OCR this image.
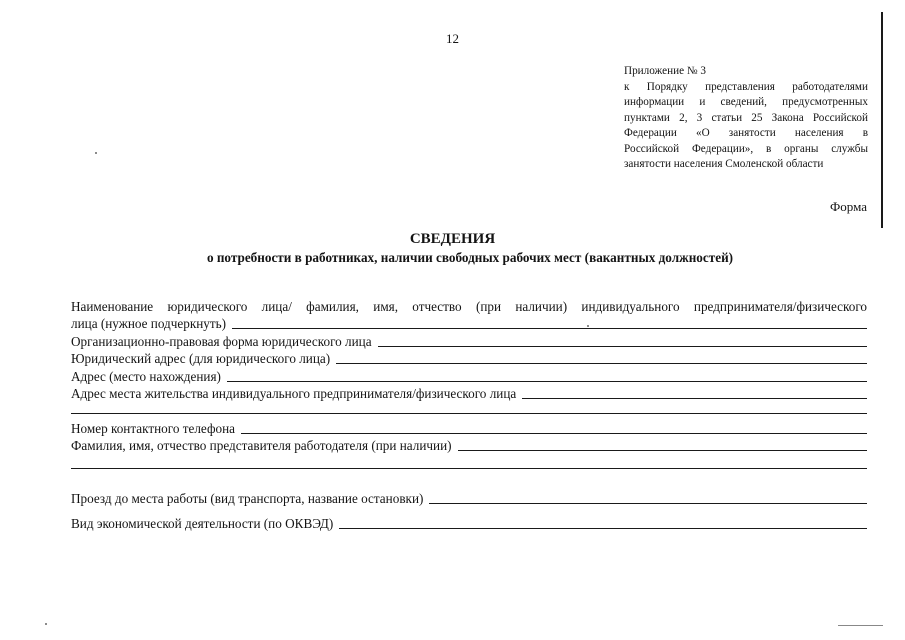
12
Приложение № 3
к Порядку представления работодателями
информации и сведений, предусмотренных
пунктами 2, 3 статьи 25 Закона Российской
Федерации «О занятости населения в
Российской Федерации», в органы службы
занятости населения Смоленской области
Форма
СВЕДЕНИЯ
о потребности в работниках, наличии свободных рабочих мест (вакантных должностей)
Наименование юридического лица/ фамилия, имя, отчество (при наличии) индивидуального предпринимателя/физического
лица (нужное подчеркнуть)
Организационно-правовая форма юридического лица
Юридический адрес (для юридического лица)
Адрес (место нахождения)
Адрес места жительства индивидуального предпринимателя/физического лица
Номер контактного телефона
Фамилия, имя, отчество представителя работодателя (при наличии)
Проезд до места работы (вид транспорта, название остановки)
Вид экономической деятельности (по ОКВЭД)
